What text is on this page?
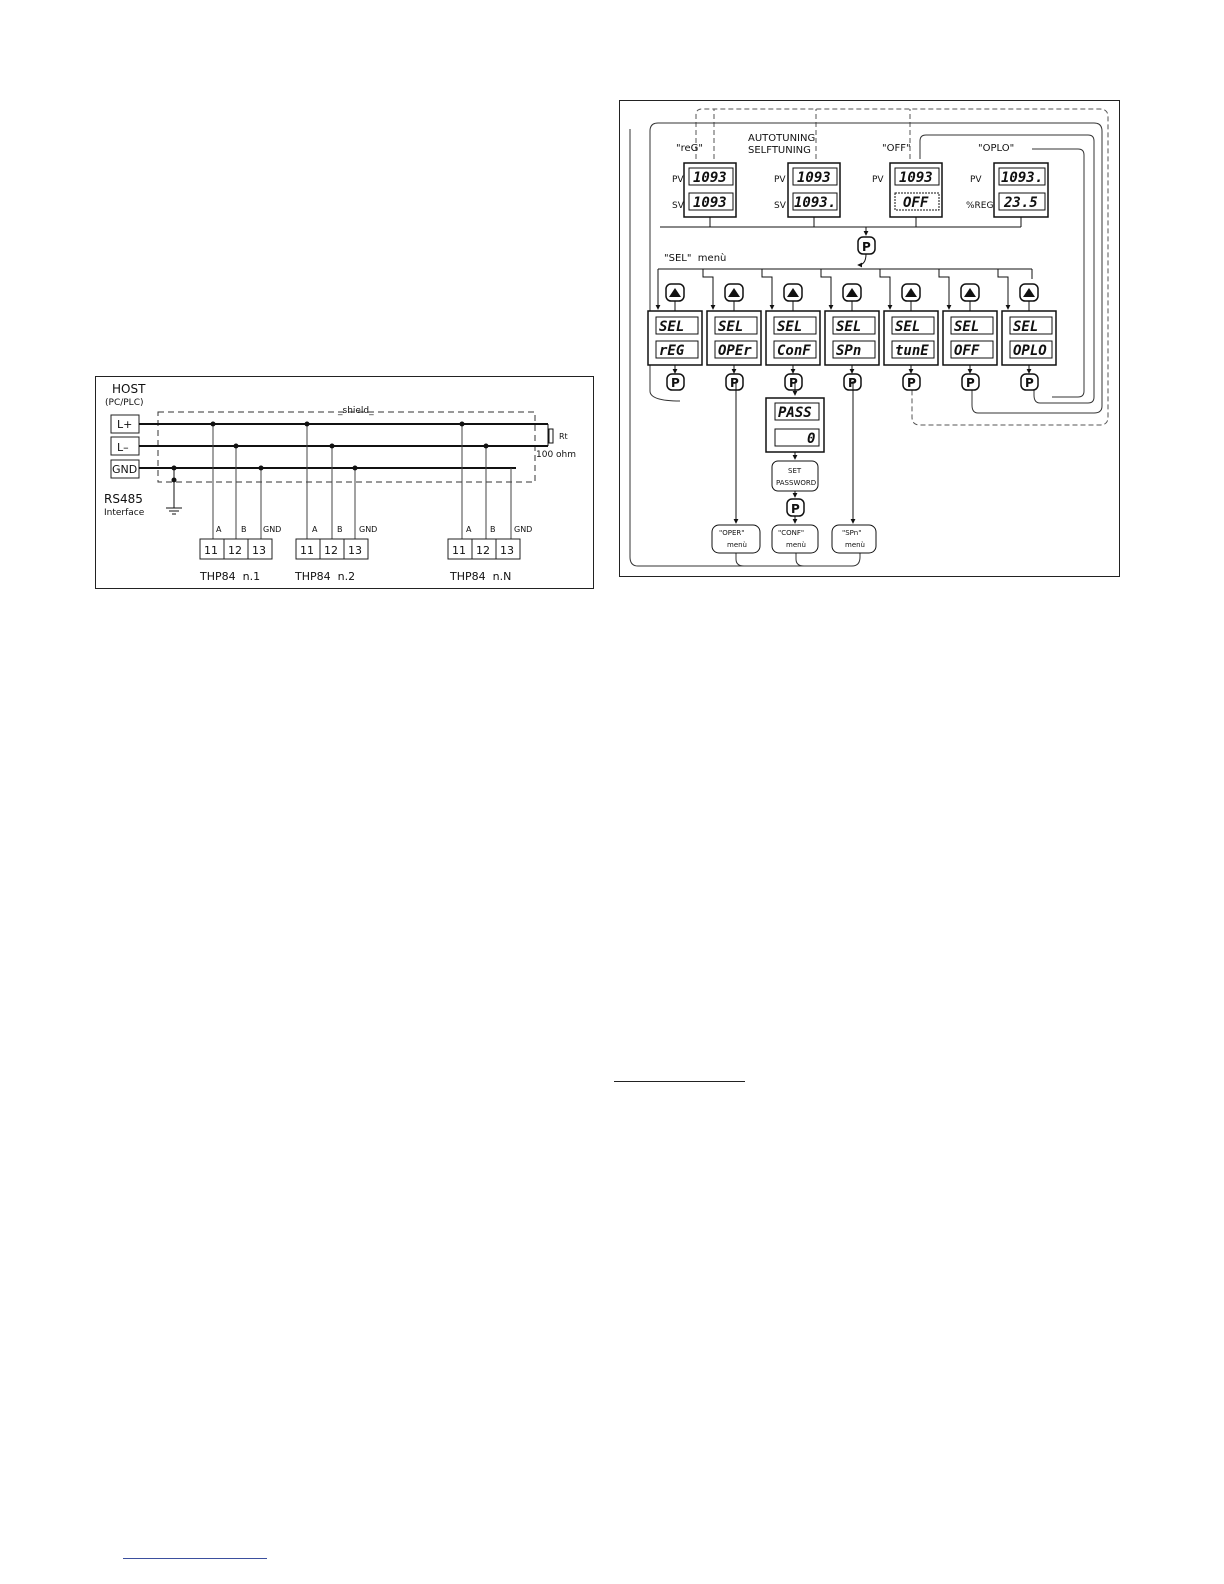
HOST
(PC/PLC)
L+
L–
GND
_shield_
Rt
100 ohm
RS485
Interface
A B GND
11 12 13
THP84  n.1
A B GND
11 12 13
THP84  n.2
A B GND
11 12 13
THP84  n.N
"reG"
AUTOTUNING
SELFTUNING	"OFF"	"OPLO"
PV
SV
1093
1093
PV
SV
1093
1093.
PV 1093
OFF
PV
%REG
1093.
23.5
P
"SEL"  menù
SEL
rEG
P
SEL
OPEr
P
SEL
ConF
P
SEL
SPn
P
SEL
tunE
P
SEL
OFF
P
SEL
OPLO
P
PASS
0
SET
PASSWORD
P
"OPER"
menù
"CONF"
menù
"SPn"
menù
